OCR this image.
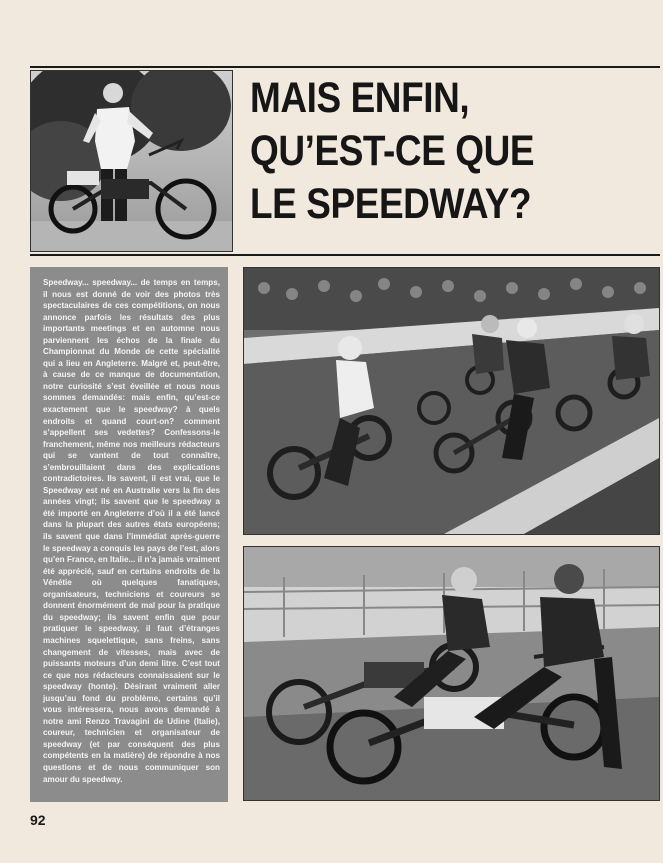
MAIS ENFIN,
QU’EST-CE QUE
LE SPEEDWAY?

Speedway... speedway... de temps en temps, il nous est donné de voir des photos très spectaculaires de ces compétitions, on nous annonce parfois les résultats des plus importants meetings et en automne nous parviennent les échos de la finale du Championnat du Monde de cette spécialité qui a lieu en Angleterre. Malgré et, peut-être, à cause de ce manque de documentation, notre curiosité s’est éveillée et nous nous sommes demandés: mais enfin, qu’est-ce exactement que le speedway? à quels endroits et quand court-on? comment s’appellent ses vedettes? Confessons-le franchement, même nos meilleurs rédacteurs qui se vantent de tout connaître, s’embrouillaient dans des explications contradictoires. Ils savent, il est vrai, que le Speedway est né en Australie vers la fin des années vingt; ils savent que le speedway a été importé en Angleterre d’où il a été lancé dans la plupart des autres états européens; ils savent que dans l’immédiat après-guerre le speedway a conquis les pays de l’est, alors qu’en France, en Italie... il n’a jamais vraiment été apprécié, sauf en certains endroits de la Vénétie où quelques fanatiques, organisateurs, techniciens et coureurs se donnent énormément de mal pour la pratique du speedway; ils savent enfin que pour pratiquer le speedway, il faut d’étranges machines squelettique, sans freins, sans changement de vitesses, mais avec de puissants moteurs d’un demi litre. C’est tout ce que nos rédacteurs connaissaient sur le speedway (honte). Désirant vraiment aller jusqu’au fond du problème, certains qu’il vous intéressera, nous avons demandé à notre ami Renzo Travagini de Udine (Italie), coureur, technicien et organisateur de speedway (et par conséquent des plus compétents en la matière) de répondre à nos questions et de nous communiquer son amour du speedway.

92
